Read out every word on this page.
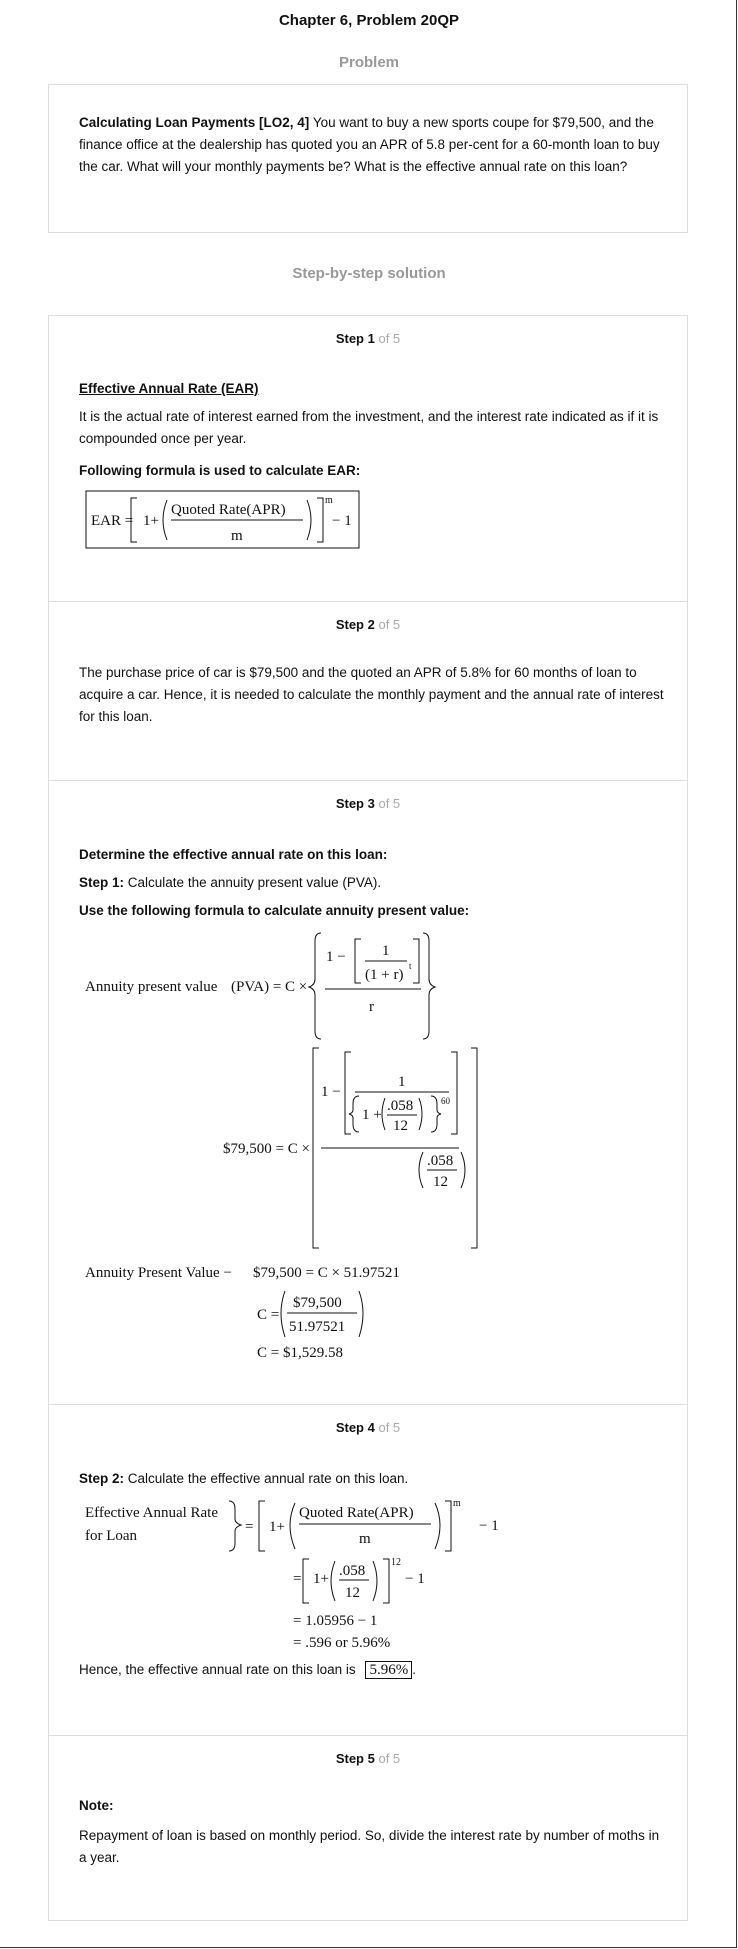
Chapter 6, Problem 20QP
Problem
Calculating Loan Payments [LO2, 4] You want to buy a new sports coupe for $79,500, and the finance office at the dealership has quoted you an APR of 5.8 per-cent for a 60-month loan to buy the car. What will your monthly payments be? What is the effective annual rate on this loan?
Step-by-step solution
Step 1 of 5
Effective Annual Rate (EAR)
It is the actual rate of interest earned from the investment, and the interest rate indicated as if it is compounded once per year.
Following formula is used to calculate EAR:
EAR = 1+
Quoted Rate(APR)
m
m
− 1
Step 2 of 5
The purchase price of car is $79,500 and the quoted an APR of 5.8% for 60 months of loan to acquire a car. Hence, it is needed to calculate the monthly payment and the annual rate of interest for this loan.
Step 3 of 5
Determine the effective annual rate on this loan:
Step 1: Calculate the annuity present value (PVA).
Use the following formula to calculate annuity present value:
Annuity present value (PVA) = C ×
1 − 1
(1 + r)
t
r
$79,500 = C ×
1 −
1
1 +
.058
12
60
.058
12
Annuity Present Value − $79,500 = C × 51.97521
C =
$79,500
51.97521
C = $1,529.58
Step 4 of 5
Step 2: Calculate the effective annual rate on this loan.
Effective Annual Rate
for Loan
= 1+
Quoted Rate(APR)
m
m
= 1+ .058
12
12
− 1
= 1.05956 − 1
= .596 or 5.96%
− 1
Hence, the effective annual rate on this loan is 5.96% .
Step 5 of 5
Note:
Repayment of loan is based on monthly period. So, divide the interest rate by number of moths in a year.
